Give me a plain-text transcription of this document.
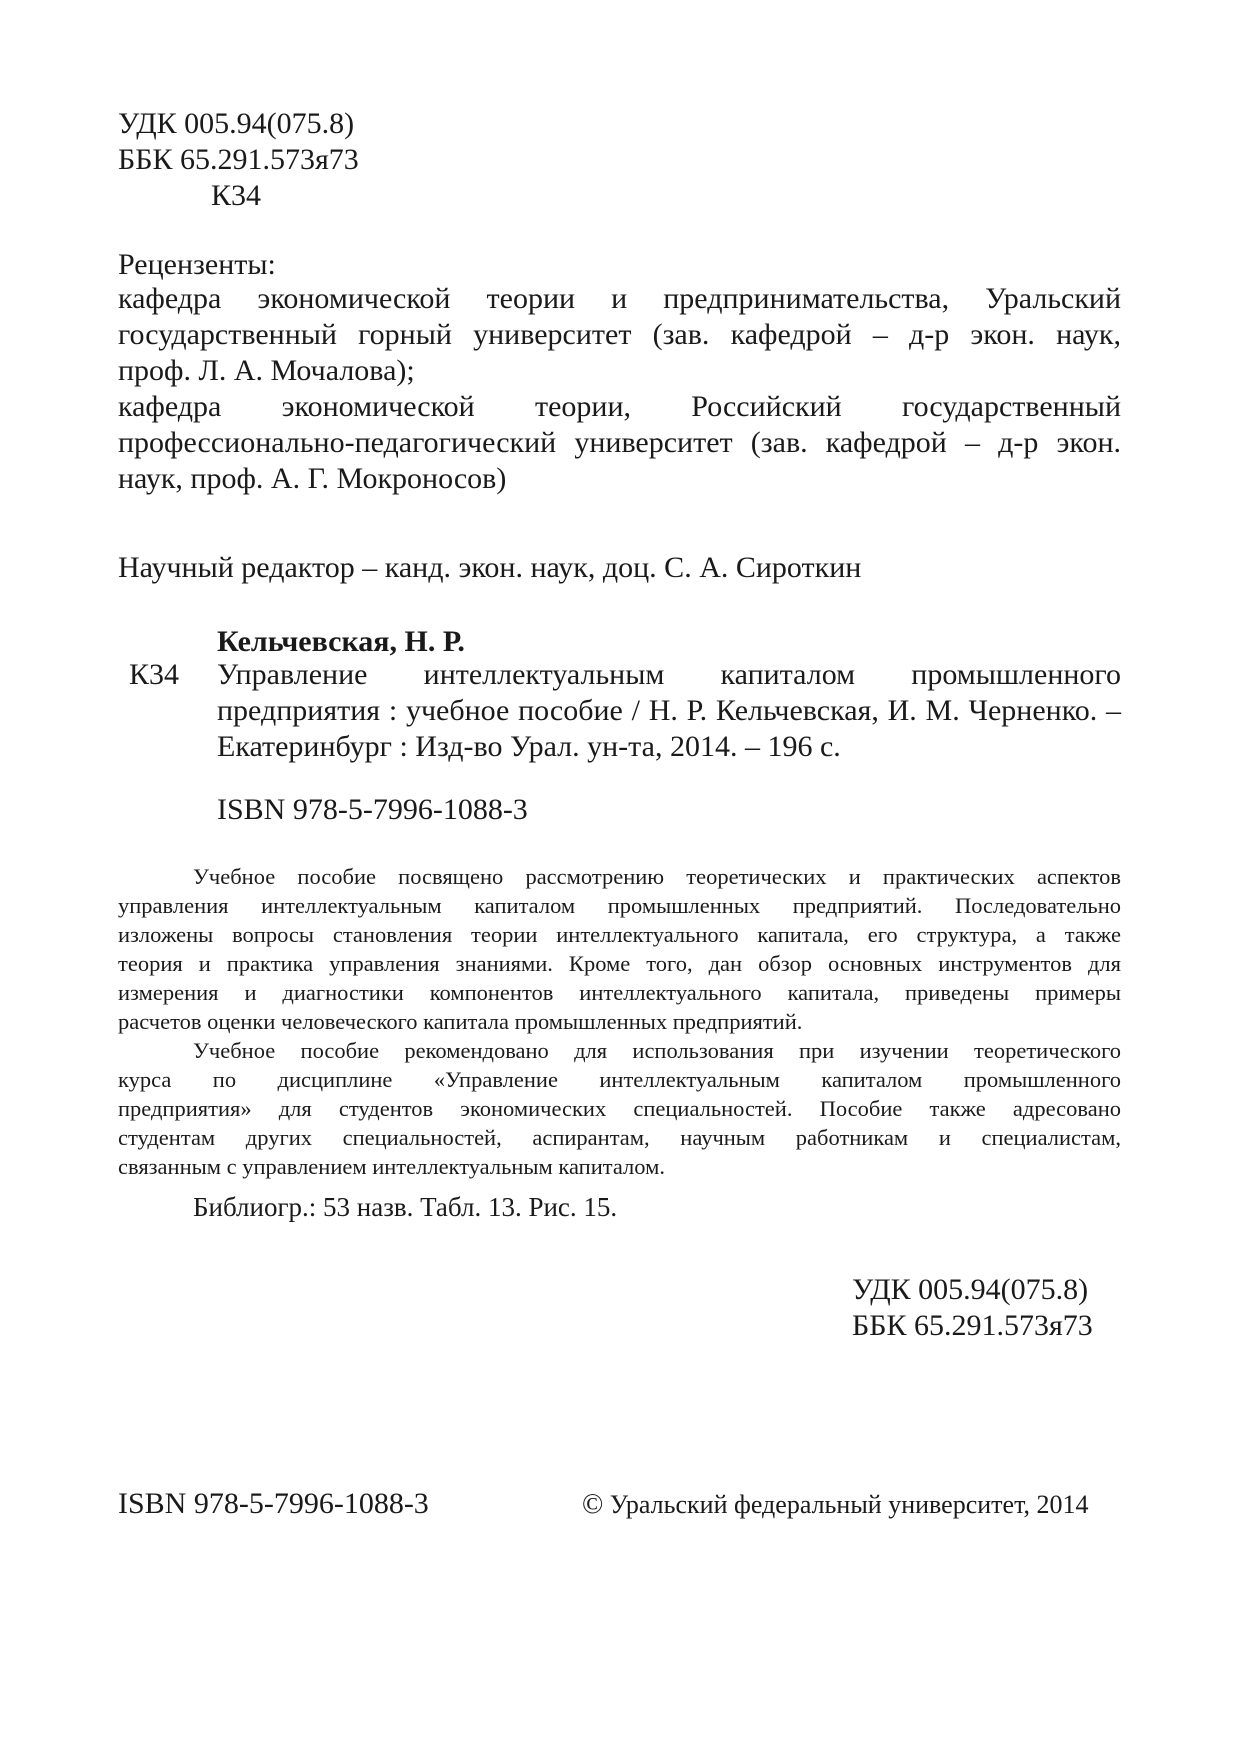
УДК 005.94(075.8)
ББК 65.291.573я73
К34
Рецензенты:
кафедра экономической теории и предпринимательства, Уральский
государственный горный университет (зав. кафедрой – д-р экон. наук,
проф. Л. А. Мочалова);
кафедра экономической теории, Российский государственный
профессионально-педагогический университет (зав. кафедрой – д-р экон.
наук, проф. А. Г. Мокроносов)
Научный редактор – канд. экон. наук, доц. С. А. Сироткин
Кельчевская, Н. Р.
К34 Управление интеллектуальным капиталом промышленного
предприятия : учебное пособие / Н. Р. Кельчевская, И. М. Черненко. –
Екатеринбург : Изд-во Урал. ун-та, 2014. – 196 с.
ISBN 978-5-7996-1088-3
Учебное пособие посвящено рассмотрению теоретических и практических аспектов
управления интеллектуальным капиталом промышленных предприятий. Последовательно
изложены вопросы становления теории интеллектуального капитала, его структура, а также
теория и практика управления знаниями. Кроме того, дан обзор основных инструментов для
измерения и диагностики компонентов интеллектуального капитала, приведены примеры
расчетов оценки человеческого капитала промышленных предприятий.
Учебное пособие рекомендовано для использования при изучении теоретического
курса по дисциплине «Управление интеллектуальным капиталом промышленного
предприятия» для студентов экономических специальностей. Пособие также адресовано
студентам других специальностей, аспирантам, научным работникам и специалистам,
связанным с управлением интеллектуальным капиталом.
Библиогр.: 53 назв. Табл. 13. Рис. 15.
УДК 005.94(075.8)
ББК 65.291.573я73
ISBN 978-5-7996-1088-3	© Уральский федеральный университет, 2014
